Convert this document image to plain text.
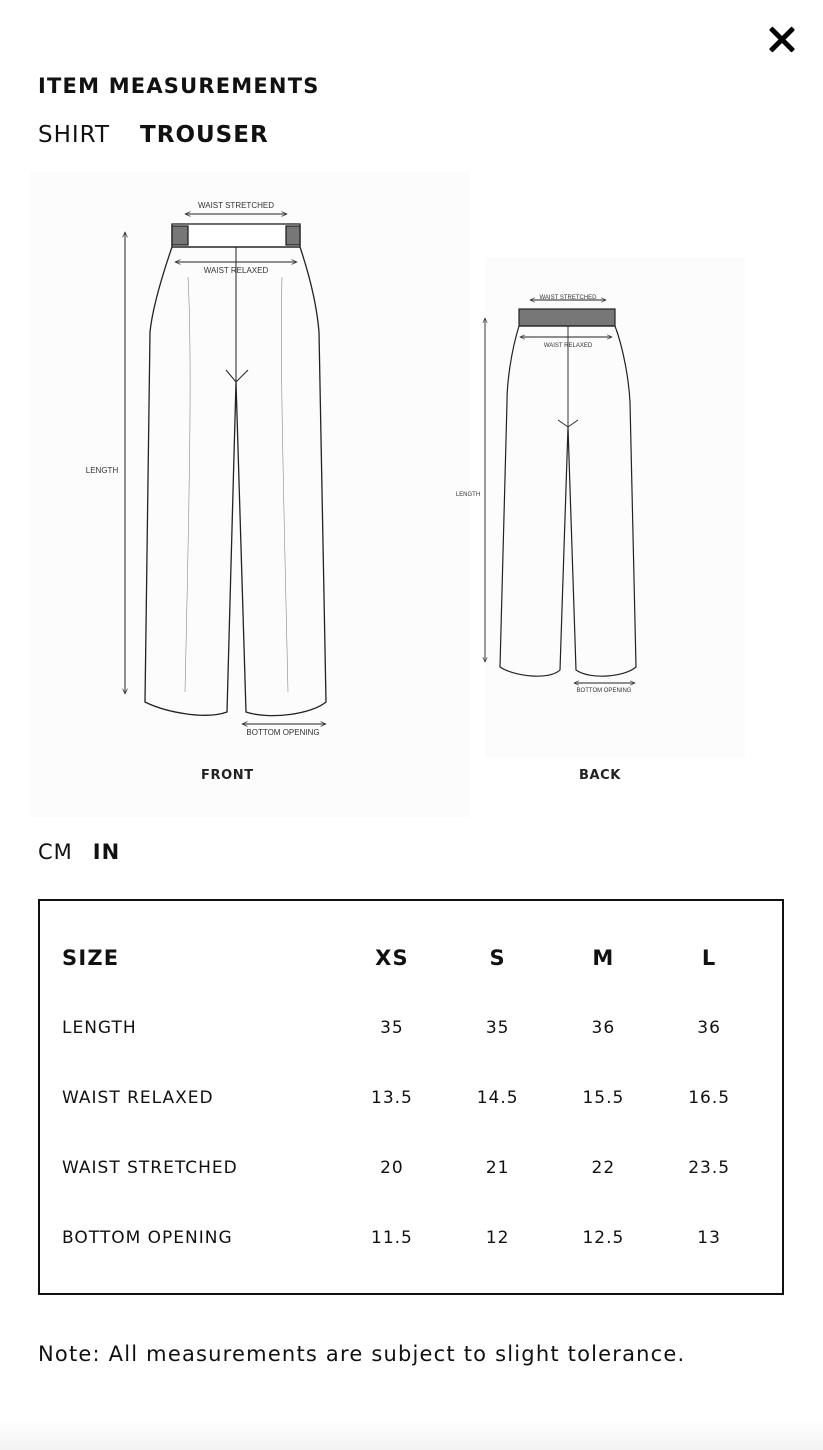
ITEM MEASUREMENTS
SHIRT TROUSER
WAIST STRETCHED
WAIST RELAXED
LENGTH
BOTTOM OPENING
WAIST STRETCHED
WAIST RELAXED
LENGTH
BOTTOM OPENING
FRONT	BACK
CM IN
SIZE	XS	S	M	L
LENGTH	35	35	36	36
WAIST RELAXED	13.5	14.5	15.5	16.5
WAIST STRETCHED	20	21	22	23.5
BOTTOM OPENING	11.5	12	12.5	13
Note: All measurements are subject to slight tolerance.
